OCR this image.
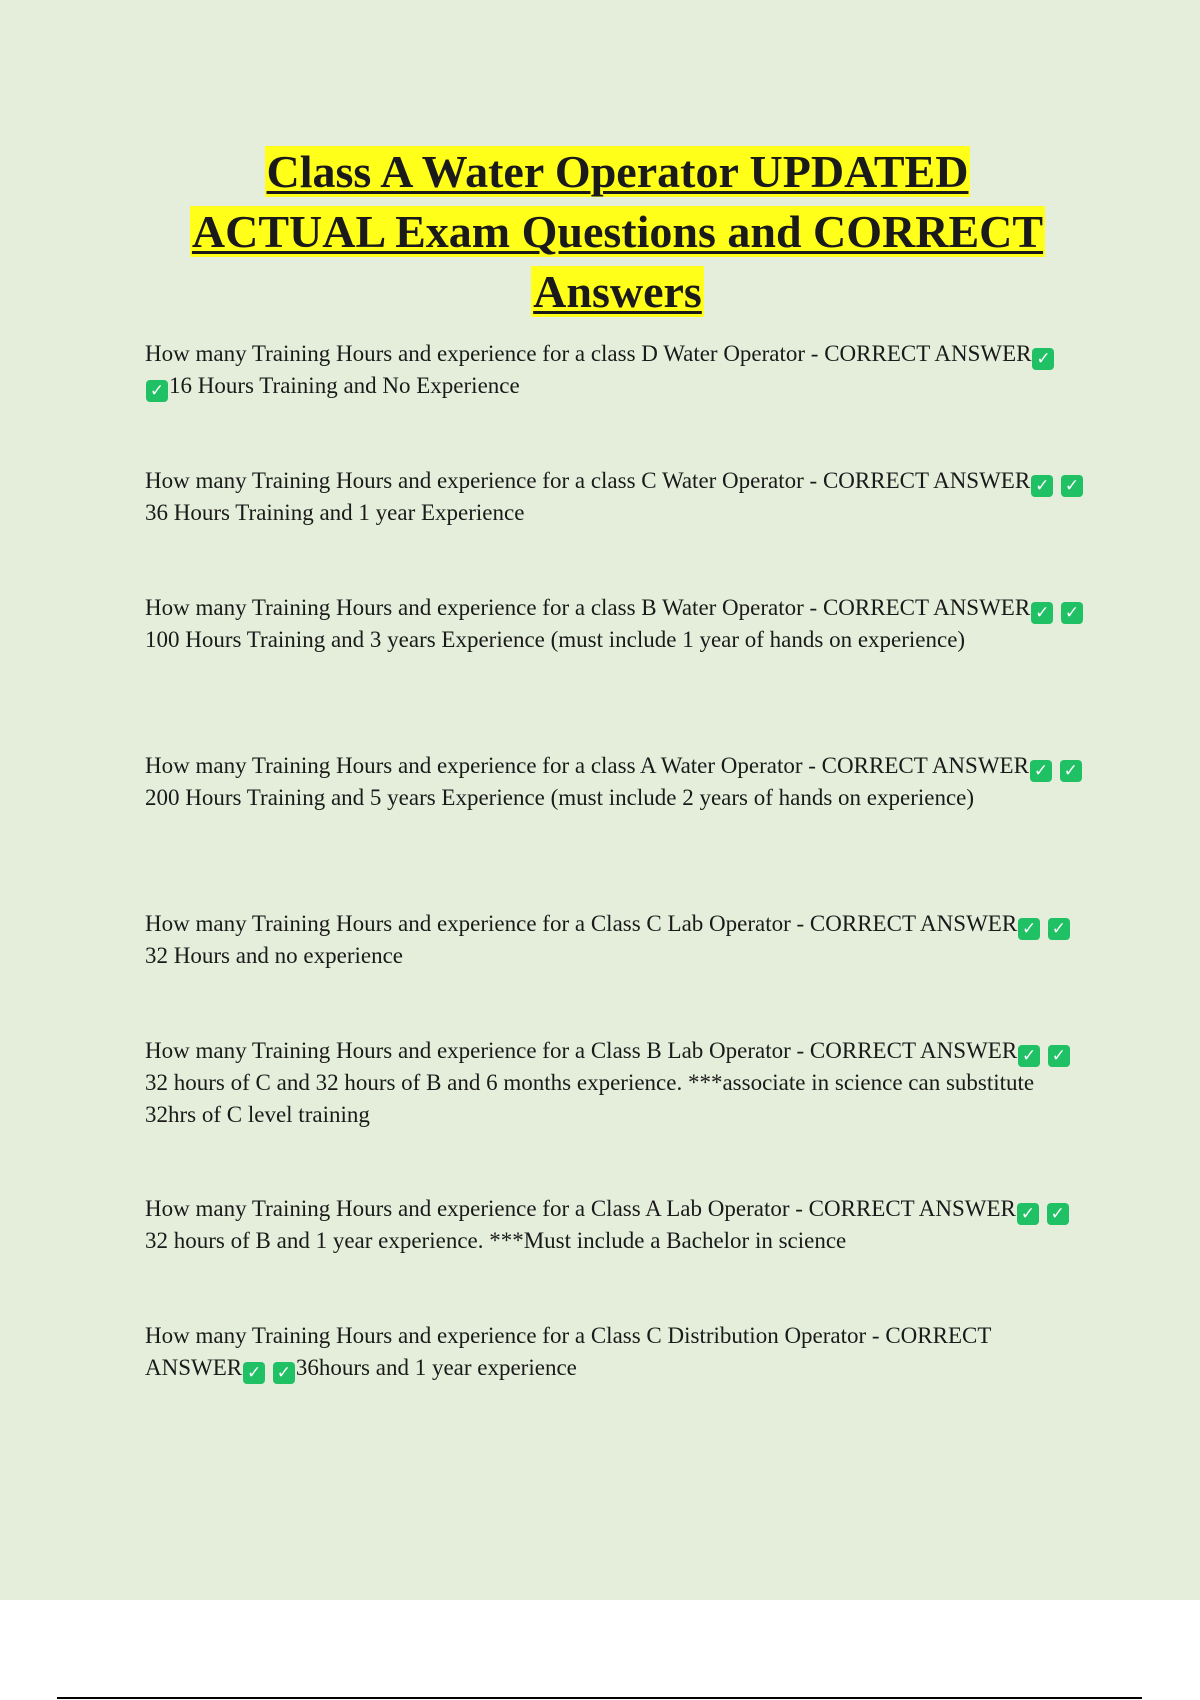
Class A Water Operator UPDATED
ACTUAL Exam Questions and CORRECT
Answers

How many Training Hours and experience for a class D Water Operator - CORRECT ANSWER ✓ ✓ 16 Hours Training and No Experience

How many Training Hours and experience for a class C Water Operator - CORRECT ANSWER ✓ ✓36 Hours Training and 1 year Experience

How many Training Hours and experience for a class B Water Operator - CORRECT ANSWER ✓ ✓100 Hours Training and 3 years Experience (must include 1 year of hands on experience)

How many Training Hours and experience for a class A Water Operator - CORRECT ANSWER ✓ ✓200 Hours Training and 5 years Experience (must include 2 years of hands on experience)

How many Training Hours and experience for a Class C Lab Operator - CORRECT ANSWER ✓ ✓32 Hours and no experience

How many Training Hours and experience for a Class B Lab Operator - CORRECT ANSWER ✓ ✓32 hours of C and 32 hours of B and 6 months experience. ***associate in science can substitute 32hrs of C level training

How many Training Hours and experience for a Class A Lab Operator - CORRECT ANSWER ✓ ✓32 hours of B and 1 year experience. ***Must include a Bachelor in science

How many Training Hours and experience for a Class C Distribution Operator - CORRECT ANSWER ✓ ✓ 36hours and 1 year experience
